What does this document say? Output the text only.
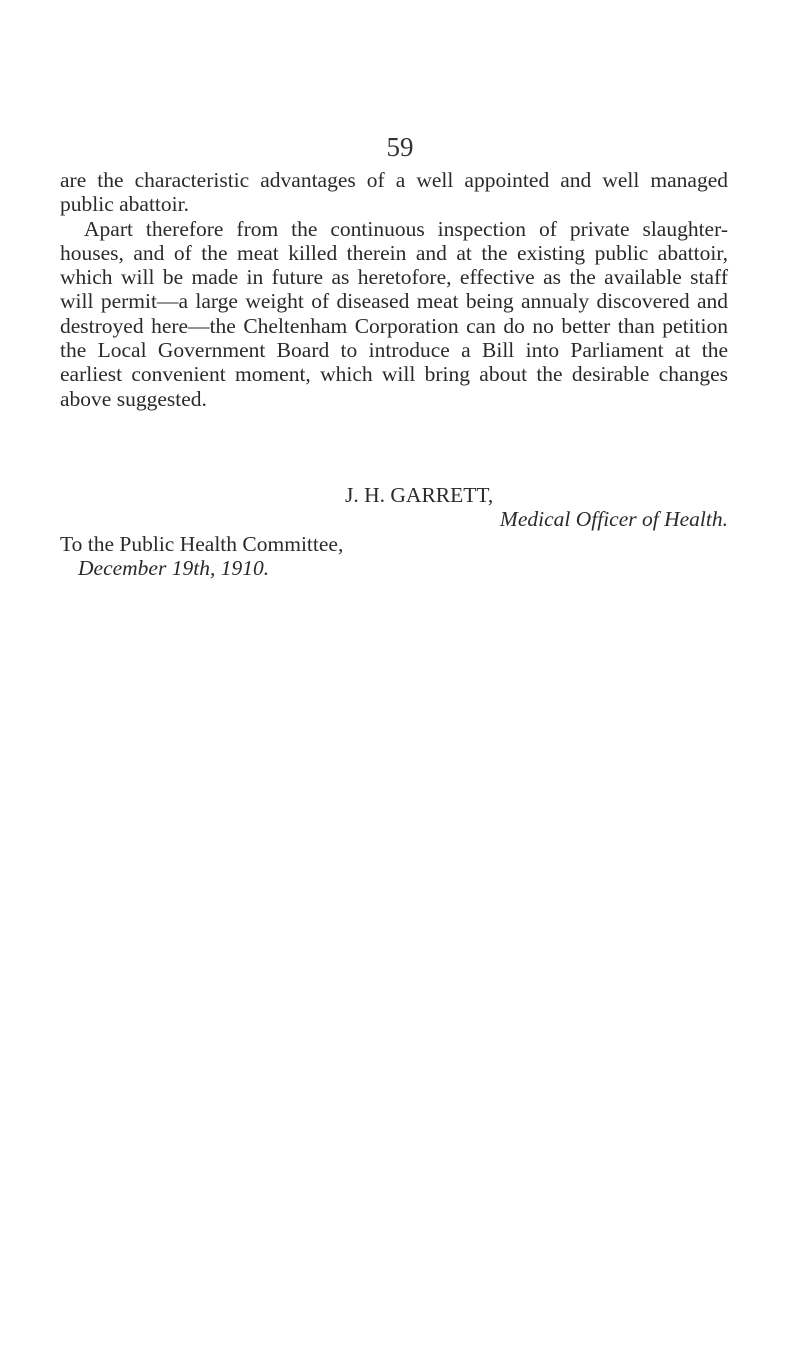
59

are the characteristic advantages of a well appointed and well managed public abattoir.

Apart therefore from the continuous inspection of private slaughter-houses, and of the meat killed therein and at the existing public abattoir, which will be made in future as heretofore, effective as the available staff will permit—a large weight of diseased meat being annualy discovered and destroyed here—the Cheltenham Corporation can do no better than petition the Local Government Board to introduce a Bill into Parliament at the earliest convenient moment, which will bring about the desirable changes above suggested.

J. H. GARRETT,
Medical Officer of Health.
To the Public Health Committee,
December 19th, 1910.
